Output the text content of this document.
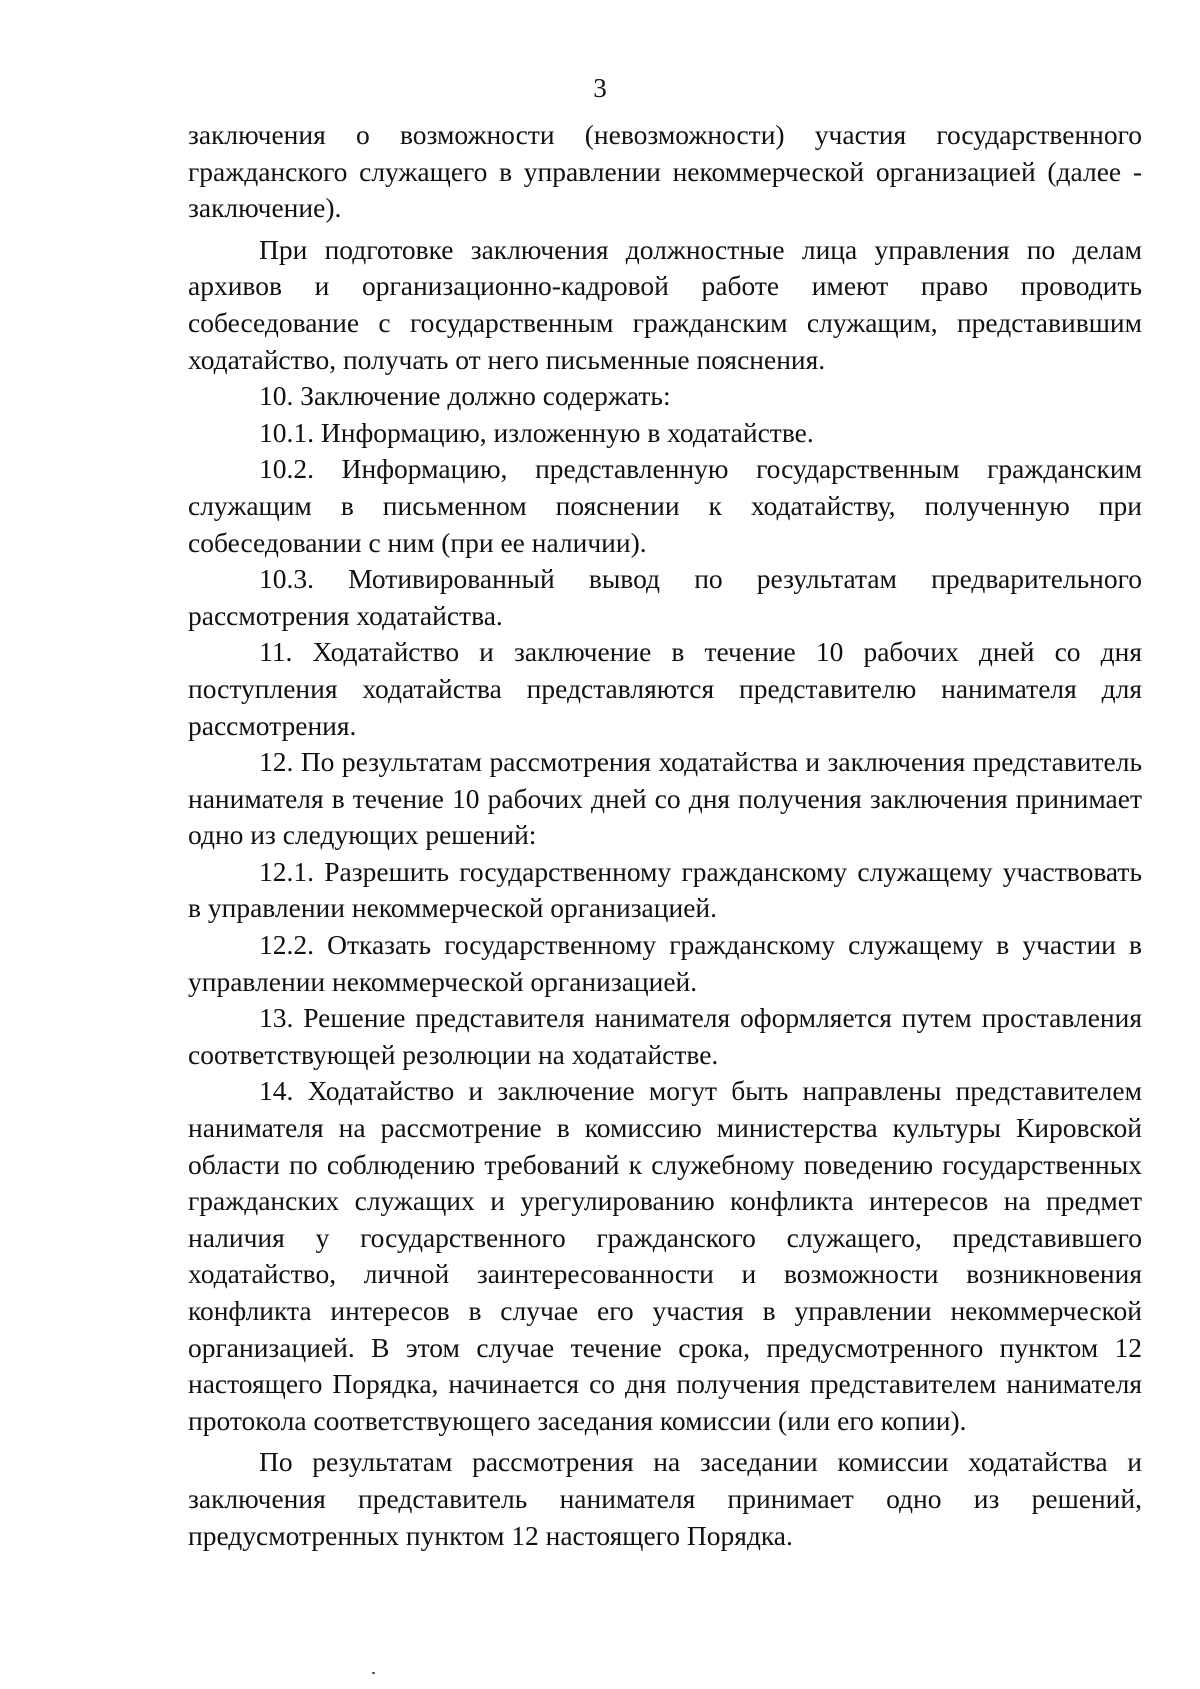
3

заключения о возможности (невозможности) участия государственного гражданского служащего в управлении некоммерческой организацией (далее - заключение).

При подготовке заключения должностные лица управления по делам архивов и организационно-кадровой работе имеют право проводить собеседование с государственным гражданским служащим, представившим ходатайство, получать от него письменные пояснения.

10. Заключение должно содержать:

10.1. Информацию, изложенную в ходатайстве.

10.2. Информацию, представленную государственным гражданским служащим в письменном пояснении к ходатайству, полученную при собеседовании с ним (при ее наличии).

10.3. Мотивированный вывод по результатам предварительного рассмотрения ходатайства.

11. Ходатайство и заключение в течение 10 рабочих дней со дня поступления ходатайства представляются представителю нанимателя для рассмотрения.

12. По результатам рассмотрения ходатайства и заключения представитель нанимателя в течение 10 рабочих дней со дня получения заключения принимает одно из следующих решений:

12.1. Разрешить государственному гражданскому служащему участвовать в управлении некоммерческой организацией.

12.2. Отказать государственному гражданскому служащему в участии в управлении некоммерческой организацией.

13. Решение представителя нанимателя оформляется путем проставления соответствующей резолюции на ходатайстве.

14. Ходатайство и заключение могут быть направлены представителем нанимателя на рассмотрение в комиссию министерства культуры Кировской области по соблюдению требований к служебному поведению государственных гражданских служащих и урегулированию конфликта интересов на предмет наличия у государственного гражданского служащего, представившего ходатайство, личной заинтересованности и возможности возникновения конфликта интересов в случае его участия в управлении некоммерческой организацией. В этом случае течение срока, предусмотренного пунктом 12 настоящего Порядка, начинается со дня получения представителем нанимателя протокола соответствующего заседания комиссии (или его копии).

По результатам рассмотрения на заседании комиссии ходатайства и заключения представитель нанимателя принимает одно из решений, предусмотренных пунктом 12 настоящего Порядка.
